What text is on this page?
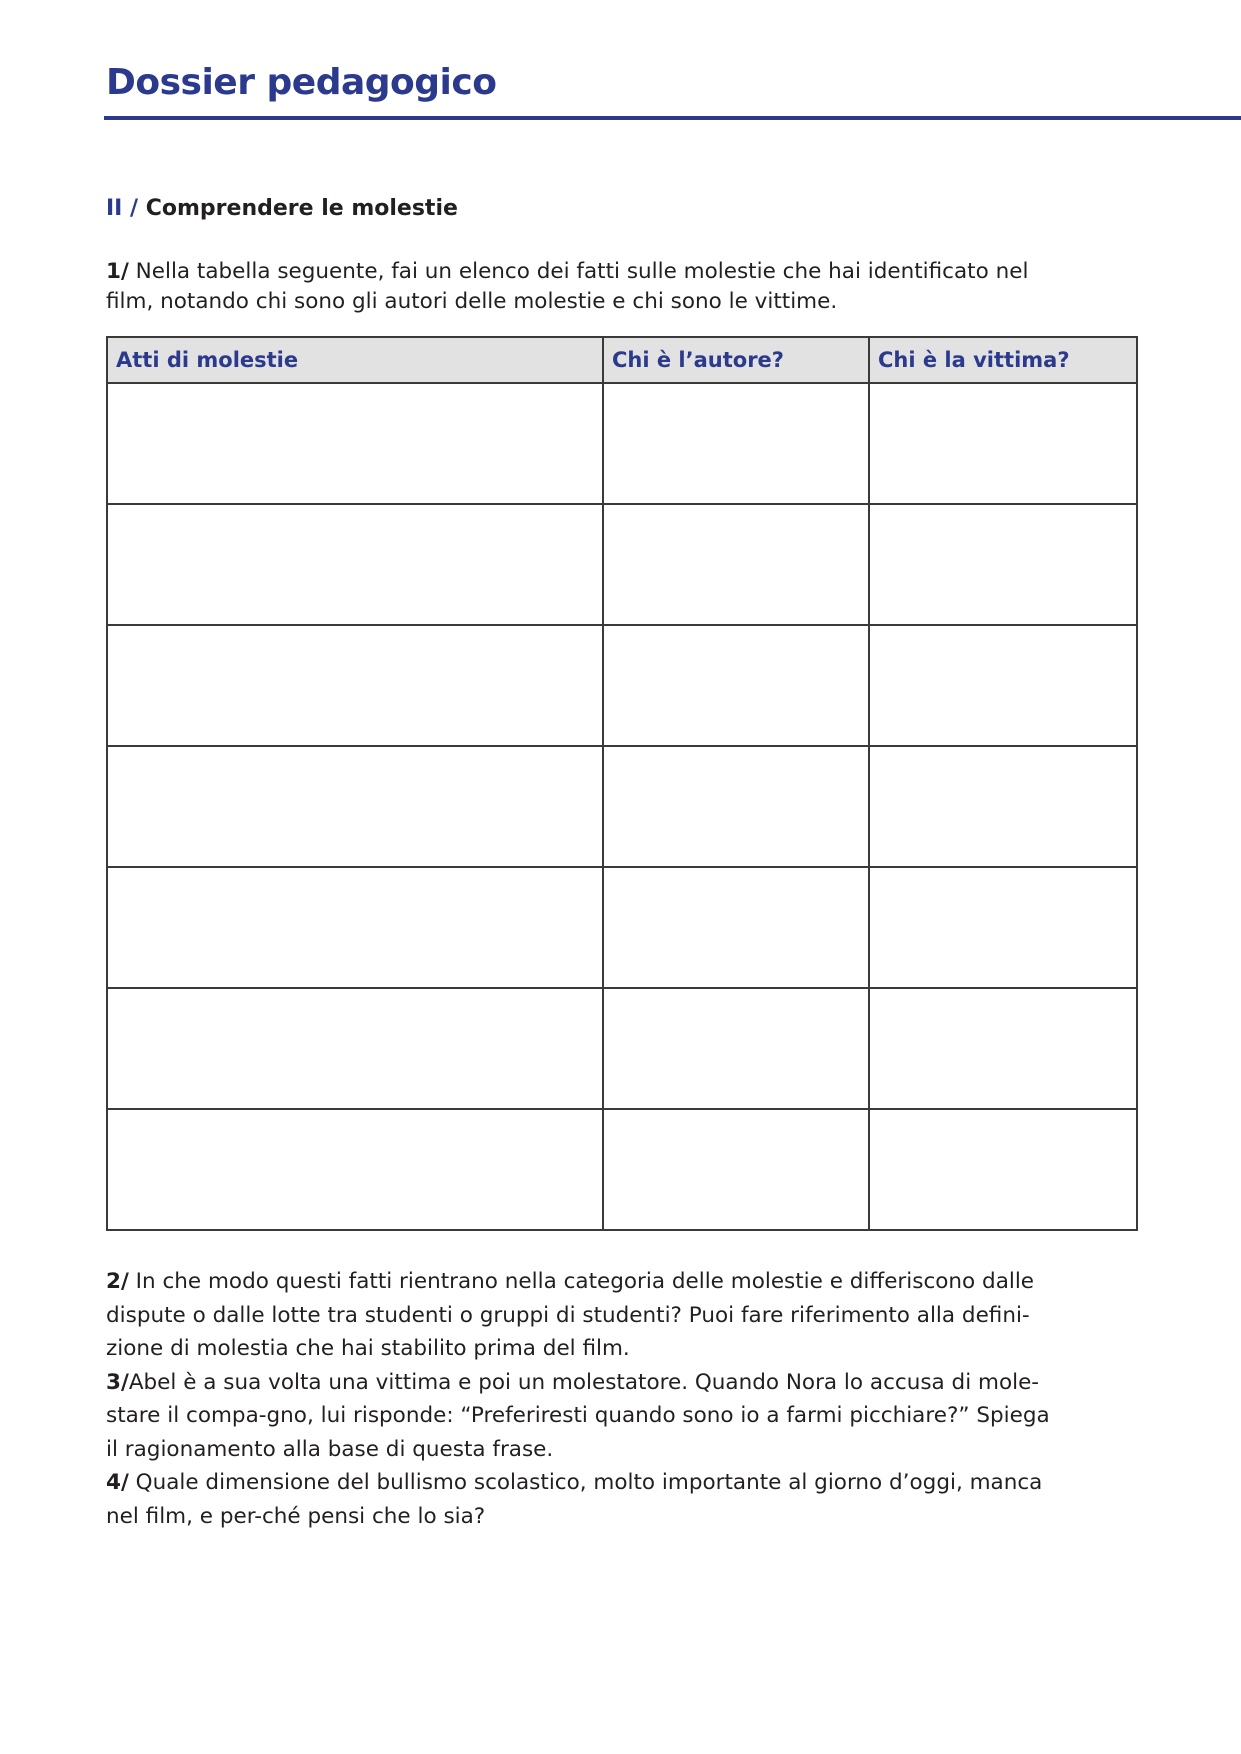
Dossier pedagogico
II / Comprendere le molestie
1/ Nella tabella seguente, fai un elenco dei fatti sulle molestie che hai identificato nel
film, notando chi sono gli autori delle molestie e chi sono le vittime.
Atti di molestie	Chi è l’autore?	Chi è la vittima?

2/ In che modo questi fatti rientrano nella categoria delle molestie e differiscono dalle
dispute o dalle lotte tra studenti o gruppi di studenti? Puoi fare riferimento alla defini-
zione di molestia che hai stabilito prima del film.
3/Abel è a sua volta una vittima e poi un molestatore. Quando Nora lo accusa di mole-
stare il compa-gno, lui risponde: “Preferiresti quando sono io a farmi picchiare?” Spiega
il ragionamento alla base di questa frase.
4/ Quale dimensione del bullismo scolastico, molto importante al giorno d’oggi, manca
nel film, e per-ché pensi che lo sia?
